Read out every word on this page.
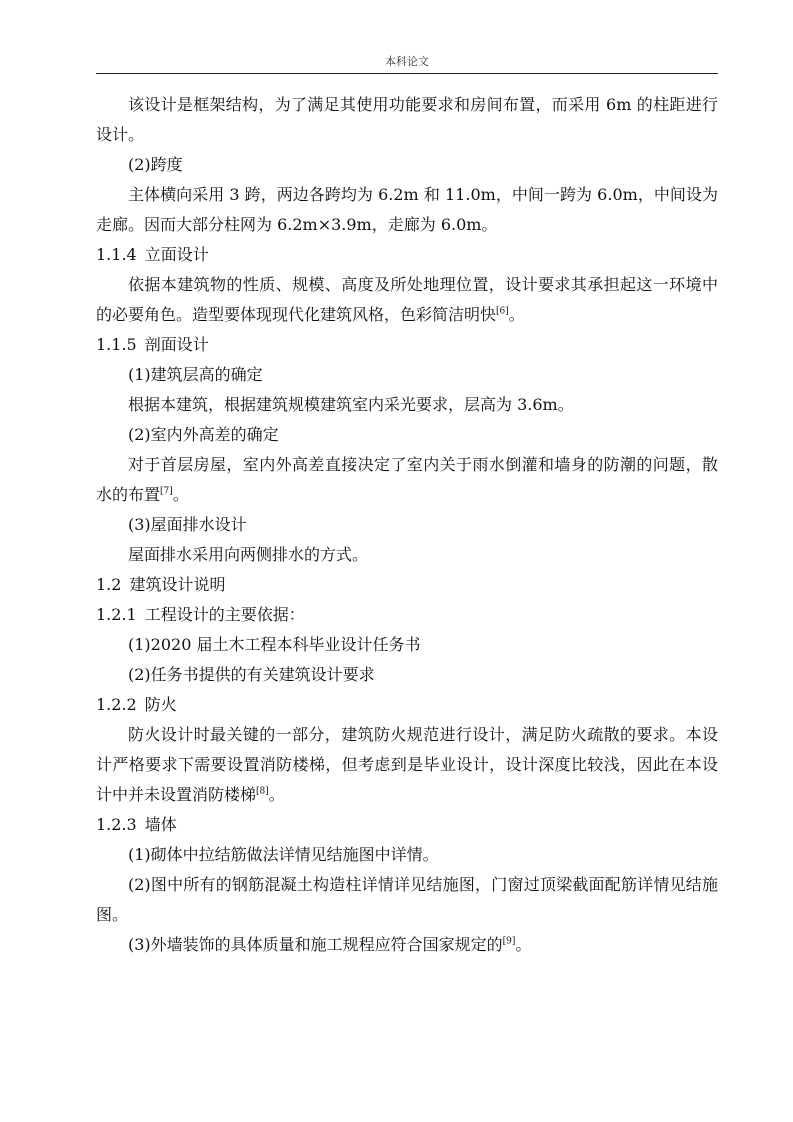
本科论文

该设计是框架结构，为了满足其使用功能要求和房间布置，而采用 6m 的柱距进行设计。

(2)跨度

主体横向采用 3 跨，两边各跨均为 6.2m 和 11.0m，中间一跨为 6.0m，中间设为走廊。因而大部分柱网为 6.2m×3.9m，走廊为 6.0m。

1.1.4 立面设计

依据本建筑物的性质、规模、高度及所处地理位置，设计要求其承担起这一环境中的必要角色。造型要体现现代化建筑风格，色彩简洁明快[6]。

1.1.5 剖面设计

(1)建筑层高的确定

根据本建筑，根据建筑规模建筑室内采光要求，层高为 3.6m。

(2)室内外高差的确定

对于首层房屋，室内外高差直接决定了室内关于雨水倒灌和墙身的防潮的问题，散水的布置[7]。

(3)屋面排水设计

屋面排水采用向两侧排水的方式。

1.2 建筑设计说明

1.2.1 工程设计的主要依据：

(1)2020 届土木工程本科毕业设计任务书

(2)任务书提供的有关建筑设计要求

1.2.2 防火

防火设计时最关键的一部分，建筑防火规范进行设计，满足防火疏散的要求。本设计严格要求下需要设置消防楼梯，但考虑到是毕业设计，设计深度比较浅，因此在本设计中并未设置消防楼梯[8]。

1.2.3 墙体

(1)砌体中拉结筋做法详情见结施图中详情。

(2)图中所有的钢筋混凝土构造柱详情详见结施图，门窗过顶梁截面配筋详情见结施图。

(3)外墙装饰的具体质量和施工规程应符合国家规定的[9]。
